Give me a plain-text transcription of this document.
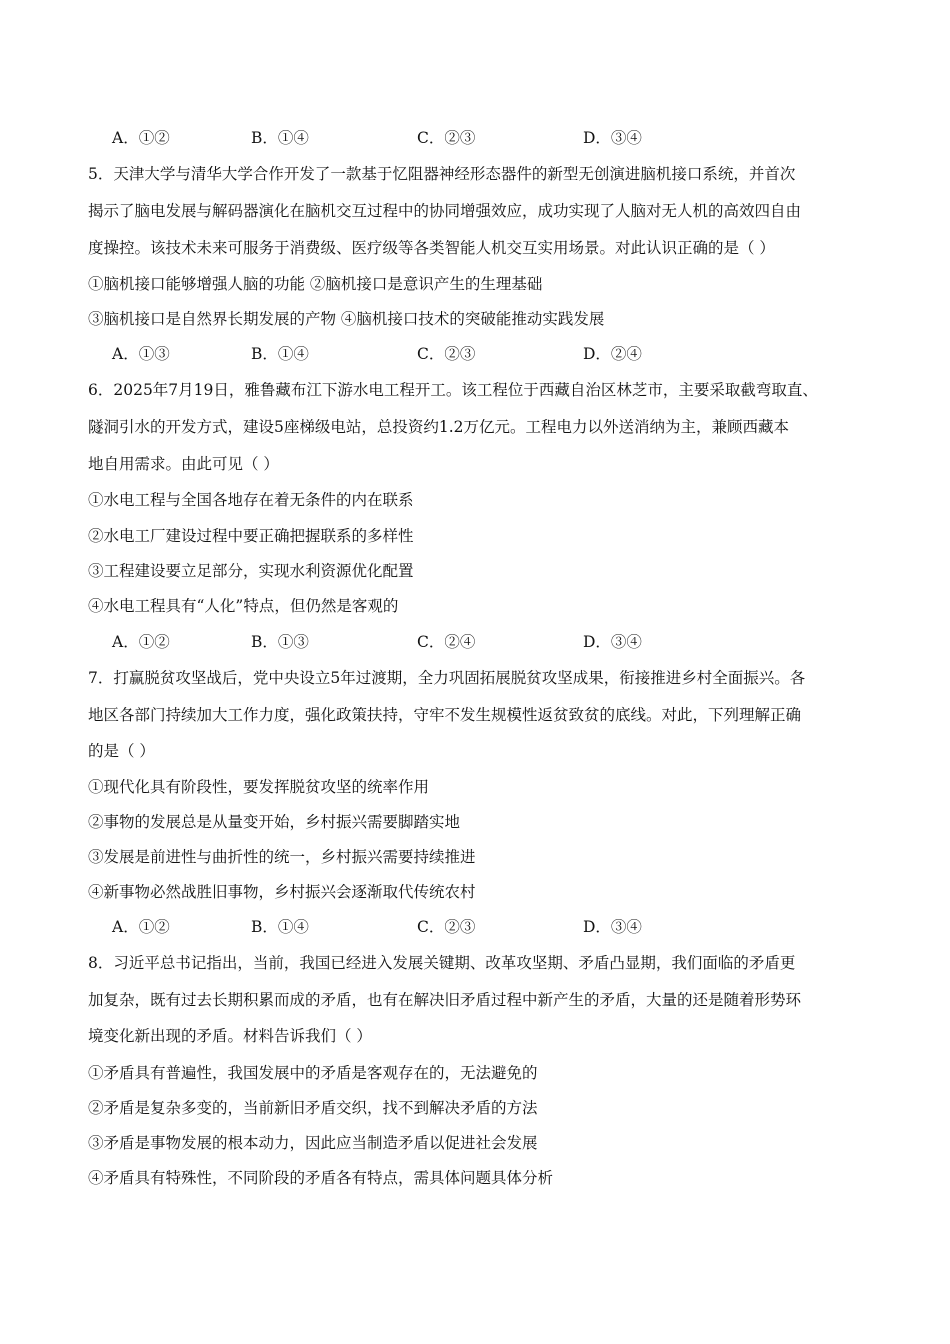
A．①②	B．①④	C．②③	D．③④
5．天津大学与清华大学合作开发了一款基于忆阻器神经形态器件的新型无创演进脑机接口系统，并首次
揭示了脑电发展与解码器演化在脑机交互过程中的协同增强效应，成功实现了人脑对无人机的高效四自由
度操控。该技术未来可服务于消费级、医疗级等各类智能人机交互实用场景。对此认识正确的是（ ）
①脑机接口能够增强人脑的功能 ②脑机接口是意识产生的生理基础
③脑机接口是自然界长期发展的产物 ④脑机接口技术的突破能推动实践发展
A．①③	B．①④	C．②③	D．②④
6．2025年7月19日，雅鲁藏布江下游水电工程开工。该工程位于西藏自治区林芝市，主要采取截弯取直、
隧洞引水的开发方式，建设5座梯级电站，总投资约1.2万亿元。工程电力以外送消纳为主，兼顾西藏本
地自用需求。由此可见（ ）
①水电工程与全国各地存在着无条件的内在联系
②水电工厂建设过程中要正确把握联系的多样性
③工程建设要立足部分，实现水利资源优化配置
④水电工程具有“人化”特点，但仍然是客观的
A．①②	B．①③	C．②④	D．③④
7．打赢脱贫攻坚战后，党中央设立5年过渡期，全力巩固拓展脱贫攻坚成果，衔接推进乡村全面振兴。各
地区各部门持续加大工作力度，强化政策扶持，守牢不发生规模性返贫致贫的底线。对此，下列理解正确
的是（ ）
①现代化具有阶段性，要发挥脱贫攻坚的统率作用
②事物的发展总是从量变开始，乡村振兴需要脚踏实地
③发展是前进性与曲折性的统一，乡村振兴需要持续推进
④新事物必然战胜旧事物，乡村振兴会逐渐取代传统农村
A．①②	B．①④	C．②③	D．③④
8．习近平总书记指出，当前，我国已经进入发展关键期、改革攻坚期、矛盾凸显期，我们面临的矛盾更
加复杂，既有过去长期积累而成的矛盾，也有在解决旧矛盾过程中新产生的矛盾，大量的还是随着形势环
境变化新出现的矛盾。材料告诉我们（ ）
①矛盾具有普遍性，我国发展中的矛盾是客观存在的，无法避免的
②矛盾是复杂多变的，当前新旧矛盾交织，找不到解决矛盾的方法
③矛盾是事物发展的根本动力，因此应当制造矛盾以促进社会发展
④矛盾具有特殊性，不同阶段的矛盾各有特点，需具体问题具体分析
